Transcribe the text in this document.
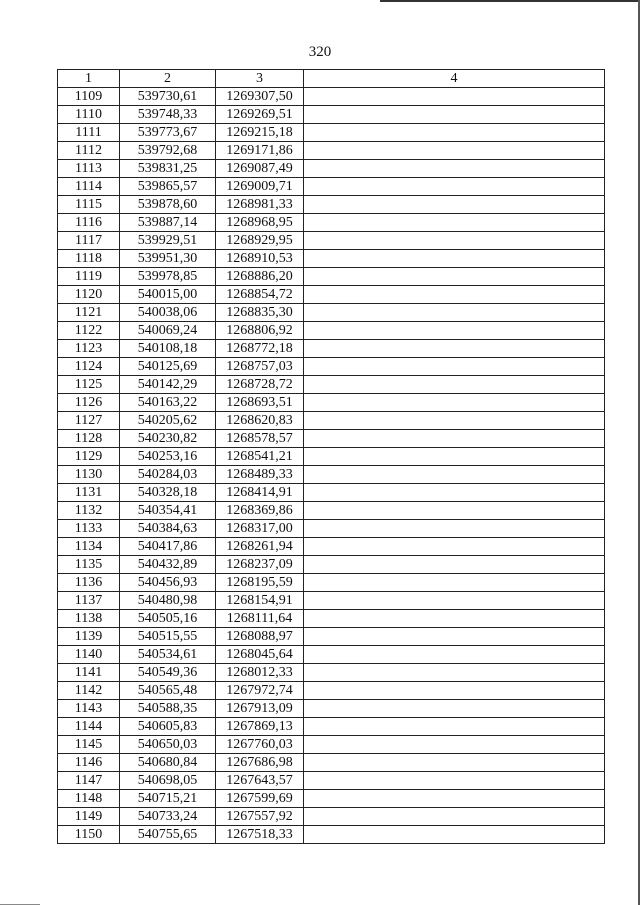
320
1	2	3	4
1109	539730,61	1269307,50	
1110	539748,33	1269269,51	
1111	539773,67	1269215,18	
1112	539792,68	1269171,86	
1113	539831,25	1269087,49	
1114	539865,57	1269009,71	
1115	539878,60	1268981,33	
1116	539887,14	1268968,95	
1117	539929,51	1268929,95	
1118	539951,30	1268910,53	
1119	539978,85	1268886,20	
1120	540015,00	1268854,72	
1121	540038,06	1268835,30	
1122	540069,24	1268806,92	
1123	540108,18	1268772,18	
1124	540125,69	1268757,03	
1125	540142,29	1268728,72	
1126	540163,22	1268693,51	
1127	540205,62	1268620,83	
1128	540230,82	1268578,57	
1129	540253,16	1268541,21	
1130	540284,03	1268489,33	
1131	540328,18	1268414,91	
1132	540354,41	1268369,86	
1133	540384,63	1268317,00	
1134	540417,86	1268261,94	
1135	540432,89	1268237,09	
1136	540456,93	1268195,59	
1137	540480,98	1268154,91	
1138	540505,16	1268111,64	
1139	540515,55	1268088,97	
1140	540534,61	1268045,64	
1141	540549,36	1268012,33	
1142	540565,48	1267972,74	
1143	540588,35	1267913,09	
1144	540605,83	1267869,13	
1145	540650,03	1267760,03	
1146	540680,84	1267686,98	
1147	540698,05	1267643,57	
1148	540715,21	1267599,69	
1149	540733,24	1267557,92	
1150	540755,65	1267518,33	
